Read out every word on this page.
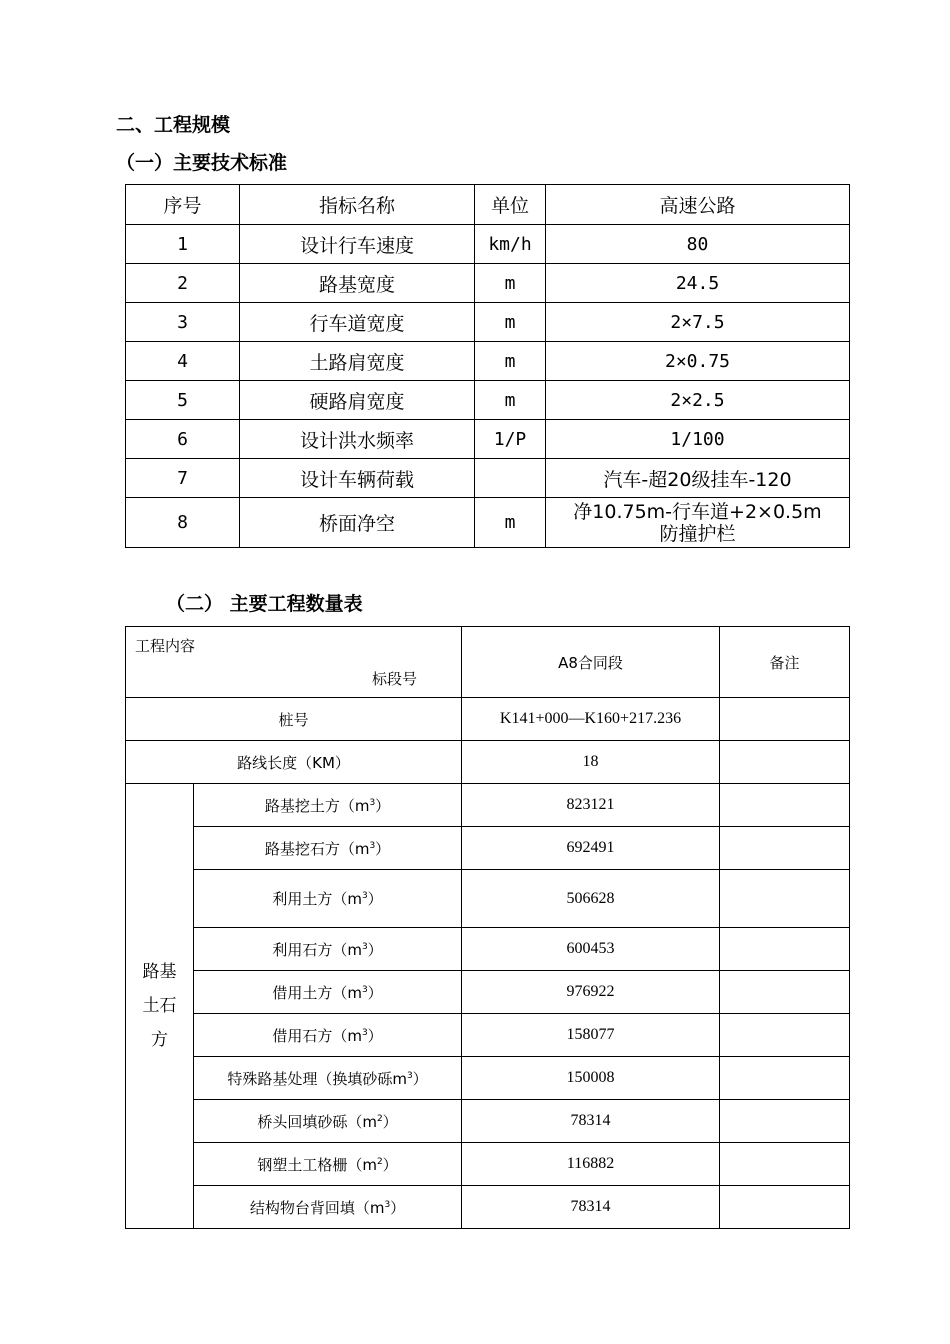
二、工程规模
（一）主要技术标准
序号	指标名称	单位	高速公路
1	设计行车速度	km/h	80
2	路基宽度	m	24.5
3	行车道宽度	m	2×7.5
4	土路肩宽度	m	2×0.75
5	硬路肩宽度	m	2×2.5
6	设计洪水频率	1/P	1/100
7	设计车辆荷载		汽车-超20级挂车-120
8	桥面净空	m	净10.75m-行车道+2×0.5m
防撞护栏
（二） 主要工程数量表
标段号
工程内容		A8合同段	备注
桩号		K141+000—K160+217.236	
路线长度（KM）		18	
路基
土石
方	路基挖土方$(m^3)$	823121	
	路基挖石方$(m^3)$	692491	
	利用土方$(m^3)$	506628	
	利用石方$(m^3)$	600453	
	借用土方$(m^3)$	976922	
	借用石方$(m^3)$	158077	
	特殊路基处理（换填砂砾$m^3$）	150008	
	桥头回填砂砾$(m^2)$	78314	
	钢塑土工格栅$(m^2)$	116882	
	结构物台背回填$(m^3)$	78314	
